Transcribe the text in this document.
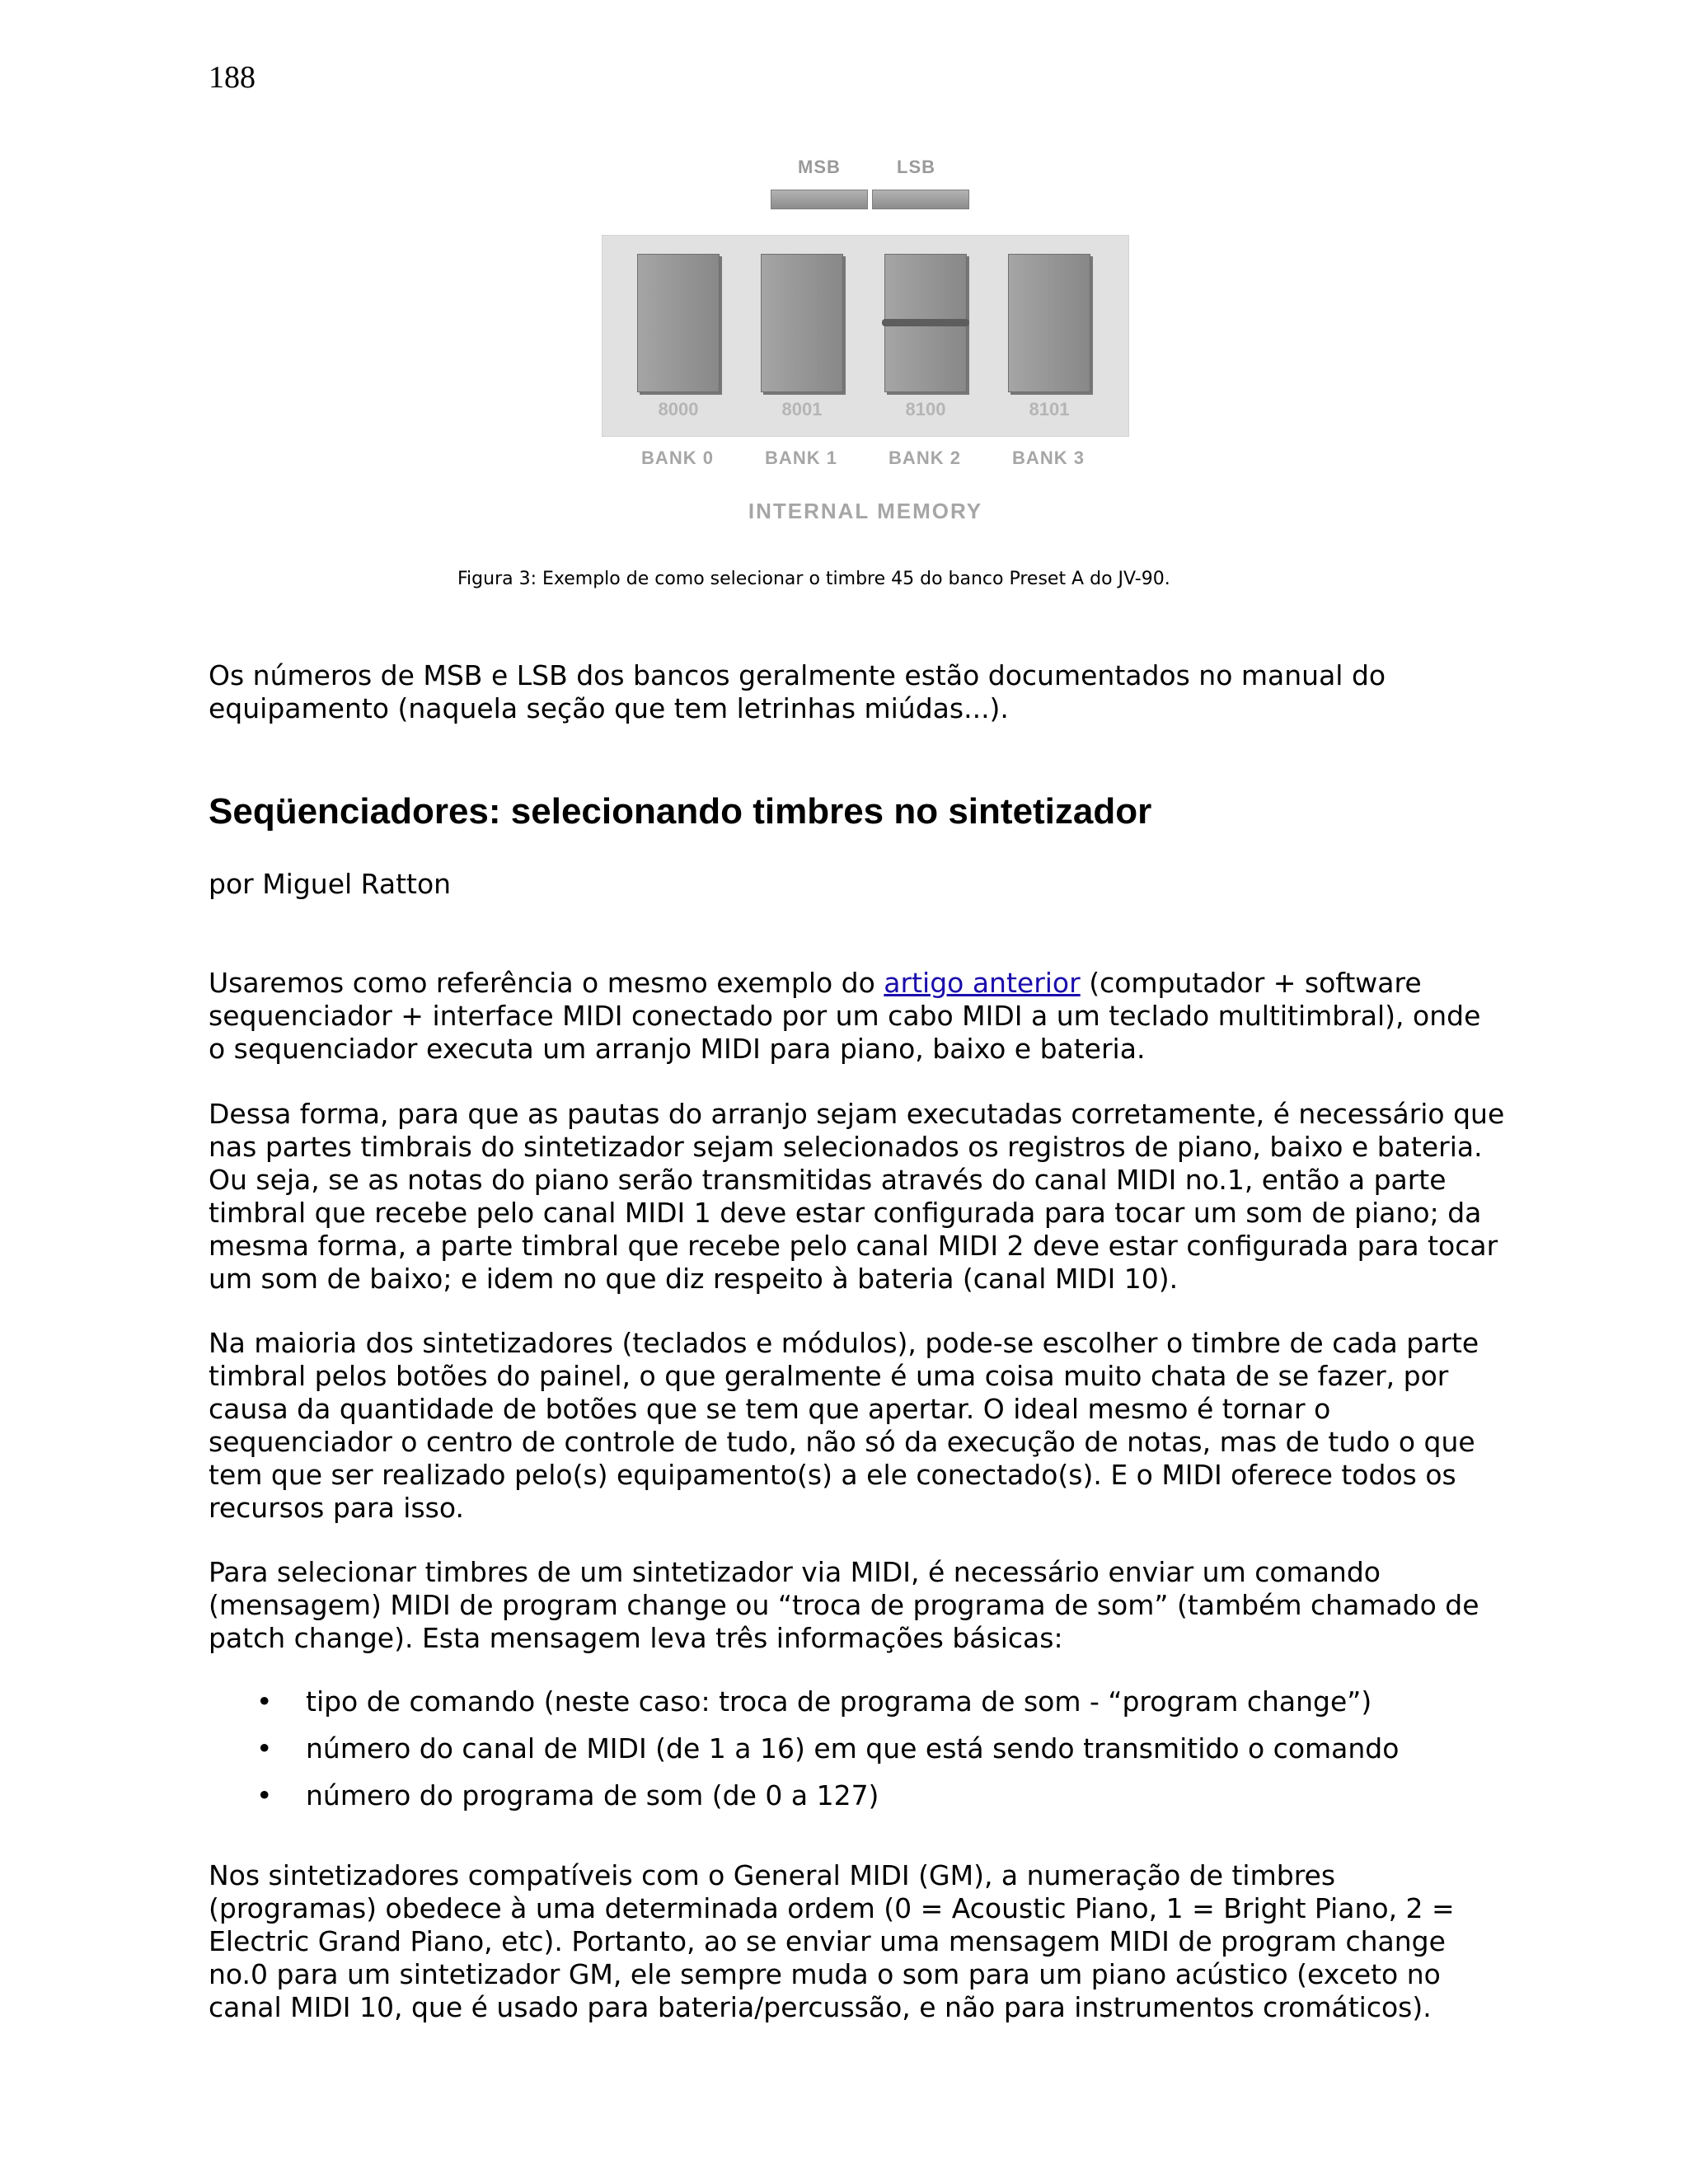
188
MSB	LSB
8000	8001	8100	8101
BANK 0	BANK 1	BANK 2	BANK 3
INTERNAL MEMORY
Figura 3: Exemplo de como selecionar o timbre 45 do banco Preset A do JV-90.
Os números de MSB e LSB dos bancos geralmente estão documentados no manual do
equipamento (naquela seção que tem letrinhas miúdas...).
Seqüenciadores: selecionando timbres no sintetizador
por Miguel Ratton
Usaremos como referência o mesmo exemplo do artigo anterior (computador + software
sequenciador + interface MIDI conectado por um cabo MIDI a um teclado multitimbral), onde
o sequenciador executa um arranjo MIDI para piano, baixo e bateria.
Dessa forma, para que as pautas do arranjo sejam executadas corretamente, é necessário que
nas partes timbrais do sintetizador sejam selecionados os registros de piano, baixo e bateria.
Ou seja, se as notas do piano serão transmitidas através do canal MIDI no.1, então a parte
timbral que recebe pelo canal MIDI 1 deve estar configurada para tocar um som de piano; da
mesma forma, a parte timbral que recebe pelo canal MIDI 2 deve estar configurada para tocar
um som de baixo; e idem no que diz respeito à bateria (canal MIDI 10).
Na maioria dos sintetizadores (teclados e módulos), pode-se escolher o timbre de cada parte
timbral pelos botões do painel, o que geralmente é uma coisa muito chata de se fazer, por
causa da quantidade de botões que se tem que apertar. O ideal mesmo é tornar o
sequenciador o centro de controle de tudo, não só da execução de notas, mas de tudo o que
tem que ser realizado pelo(s) equipamento(s) a ele conectado(s). E o MIDI oferece todos os
recursos para isso.
Para selecionar timbres de um sintetizador via MIDI, é necessário enviar um comando
(mensagem) MIDI de program change ou “troca de programa de som” (também chamado de
patch change). Esta mensagem leva três informações básicas:
• tipo de comando (neste caso: troca de programa de som - “program change”)
• número do canal de MIDI (de 1 a 16) em que está sendo transmitido o comando
• número do programa de som (de 0 a 127)
Nos sintetizadores compatíveis com o General MIDI (GM), a numeração de timbres
(programas) obedece à uma determinada ordem (0 = Acoustic Piano, 1 = Bright Piano, 2 =
Electric Grand Piano, etc). Portanto, ao se enviar uma mensagem MIDI de program change
no.0 para um sintetizador GM, ele sempre muda o som para um piano acústico (exceto no
canal MIDI 10, que é usado para bateria/percussão, e não para instrumentos cromáticos).
